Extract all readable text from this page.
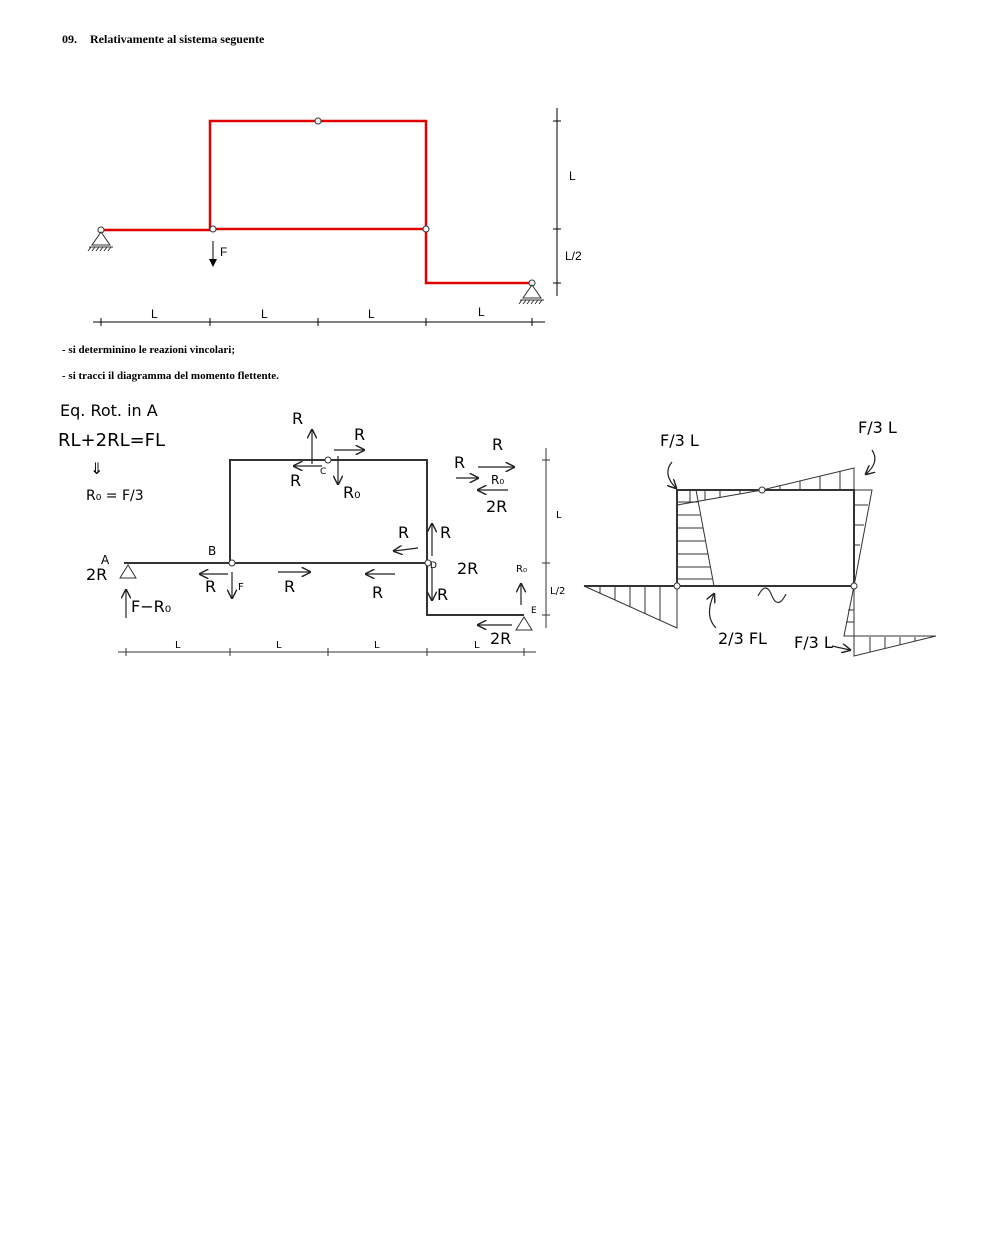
09. Relativamente al sistema seguente
- si determinino le reazioni vincolari;
- si tracci il diagramma del momento flettente.
F
L
L/2
L	L	L	L
Eq. Rot. in A
RL+2RL=FL
⇓
R₀ = F/3
A
B
C
D
E
2R
F−R₀
R F	R	R
R
R
R
R₀
R
R
R₀
2R
R R
2R
R
R₀
2R
L
L/2
L	L	L	L
F/3 L
F/3 L
2/3 FL F/3 L
